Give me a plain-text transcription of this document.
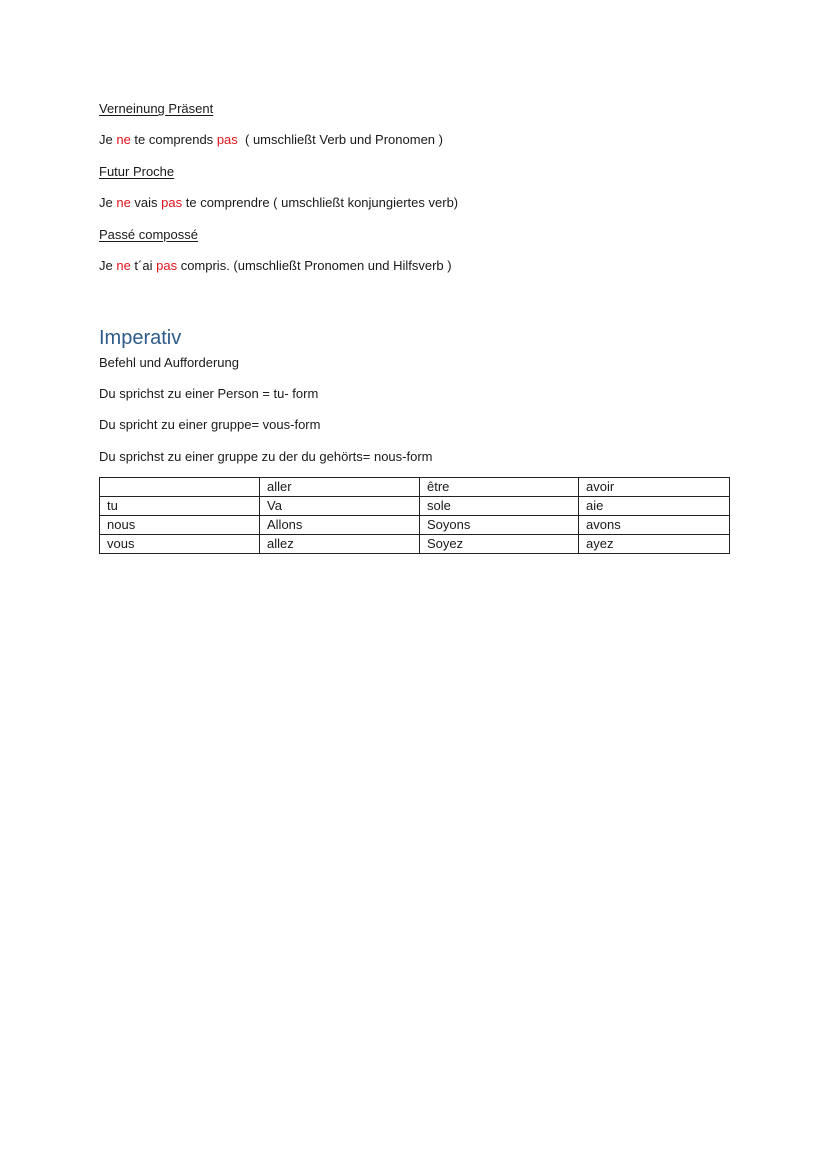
Verneinung Präsent
Je ne te comprends pas  ( umschließt Verb und Pronomen )
Futur Proche
Je ne vais pas te comprendre ( umschließt konjungiertes verb)
Passé compossé
Je ne t´ai pas compris. (umschließt Pronomen und Hilfsverb )
Imperativ
Befehl und Aufforderung
Du sprichst zu einer Person = tu- form
Du spricht zu einer gruppe= vous-form
Du sprichst zu einer gruppe zu der du gehörts= nous-form
	aller	être	avoir
tu	Va	sole	aie
nous	Allons	Soyons	avons
vous	allez	Soyez	ayez
